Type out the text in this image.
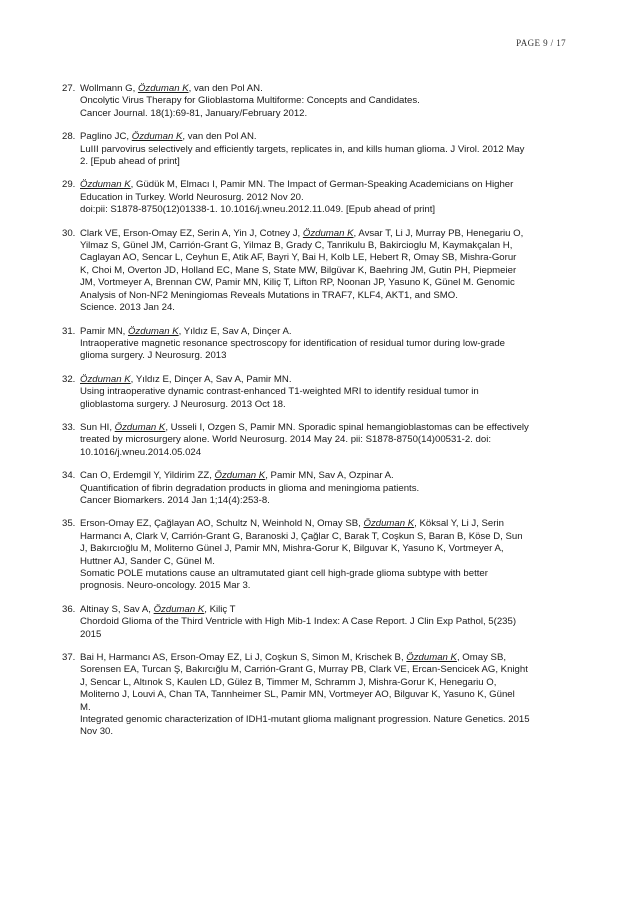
PAGE 9 / 17
27. Wollmann G, Özduman K, van den Pol AN.
Oncolytic Virus Therapy for Glioblastoma Multiforme: Concepts and Candidates.
Cancer Journal. 18(1):69-81, January/February 2012.
28. Paglino JC, Özduman K, van den Pol AN.
LuIII parvovirus selectively and efficiently targets, replicates in, and kills human glioma. J Virol. 2012 May
2. [Epub ahead of print]
29. Özduman K, Güdük M, Elmacı I, Pamir MN. The Impact of German-Speaking Academicians on Higher
Education in Turkey. World Neurosurg. 2012 Nov 20.
doi:pii: S1878-8750(12)01338-1. 10.1016/j.wneu.2012.11.049. [Epub ahead of print]
30. Clark VE, Erson-Omay EZ, Serin A, Yin J, Cotney J, Özduman K, Avsar T, Li J, Murray PB, Henegariu O,
Yilmaz S, Günel JM, Carrión-Grant G, Yilmaz B, Grady C, Tanrikulu B, Bakircioglu M, Kaymakçalan H,
Caglayan AO, Sencar L, Ceyhun E, Atik AF, Bayri Y, Bai H, Kolb LE, Hebert R, Omay SB, Mishra-Gorur
K, Choi M, Overton JD, Holland EC, Mane S, State MW, Bilgüvar K, Baehring JM, Gutin PH, Piepmeier
JM, Vortmeyer A, Brennan CW, Pamir MN, Kiliç T, Lifton RP, Noonan JP, Yasuno K, Günel M. Genomic
Analysis of Non-NF2 Meningiomas Reveals Mutations in TRAF7, KLF4, AKT1, and SMO.
Science. 2013 Jan 24.
31. Pamir MN, Özduman K, Yıldız E, Sav A, Dinçer A.
Intraoperative magnetic resonance spectroscopy for identification of residual tumor during low-grade
glioma surgery. J Neurosurg. 2013
32. Özduman K, Yıldız E, Dinçer A, Sav A, Pamir MN.
Using intraoperative dynamic contrast-enhanced T1-weighted MRI to identify residual tumor in
glioblastoma surgery. J Neurosurg. 2013 Oct 18.
33. Sun HI, Özduman K, Usseli I, Ozgen S, Pamir MN. Sporadic spinal hemangioblastomas can be effectively
treated by microsurgery alone. World Neurosurg. 2014 May 24. pii: S1878-8750(14)00531-2. doi:
10.1016/j.wneu.2014.05.024
34. Can O, Erdemgil Y, Yildirim ZZ, Özduman K, Pamir MN, Sav A, Ozpinar A.
Quantification of fibrin degradation products in glioma and meningioma patients.
Cancer Biomarkers. 2014 Jan 1;14(4):253-8.
35. Erson-Omay EZ, Çağlayan AO, Schultz N, Weinhold N, Omay SB, Özduman K, Köksal Y, Li J, Serin
Harmancı A, Clark V, Carrión-Grant G, Baranoski J, Çağlar C, Barak T, Coşkun S, Baran B, Köse D, Sun
J, Bakırcıoğlu M, Moliterno Günel J, Pamir MN, Mishra-Gorur K, Bilguvar K, Yasuno K, Vortmeyer A,
Huttner AJ, Sander C, Günel M.
Somatic POLE mutations cause an ultramutated giant cell high-grade glioma subtype with better
prognosis. Neuro-oncology. 2015 Mar 3.
36. Altinay S, Sav A, Özduman K, Kiliç T
Chordoid Glioma of the Third Ventricle with High Mib-1 Index: A Case Report. J Clin Exp Pathol, 5(235)
2015
37. Bai H, Harmancı AS, Erson-Omay EZ, Li J, Coşkun S, Simon M, Krischek B, Özduman K, Omay SB,
Sorensen EA, Turcan Ş, Bakırcığlu M, Carrión-Grant G, Murray PB, Clark VE, Ercan-Sencicek AG, Knight
J, Sencar L, Altınok S, Kaulen LD, Gülez B, Timmer M, Schramm J, Mishra-Gorur K, Henegariu O,
Moliterno J, Louvi A, Chan TA, Tannheimer SL, Pamir MN, Vortmeyer AO, Bilguvar K, Yasuno K, Günel
M.
Integrated genomic characterization of IDH1-mutant glioma malignant progression. Nature Genetics. 2015
Nov 30.
